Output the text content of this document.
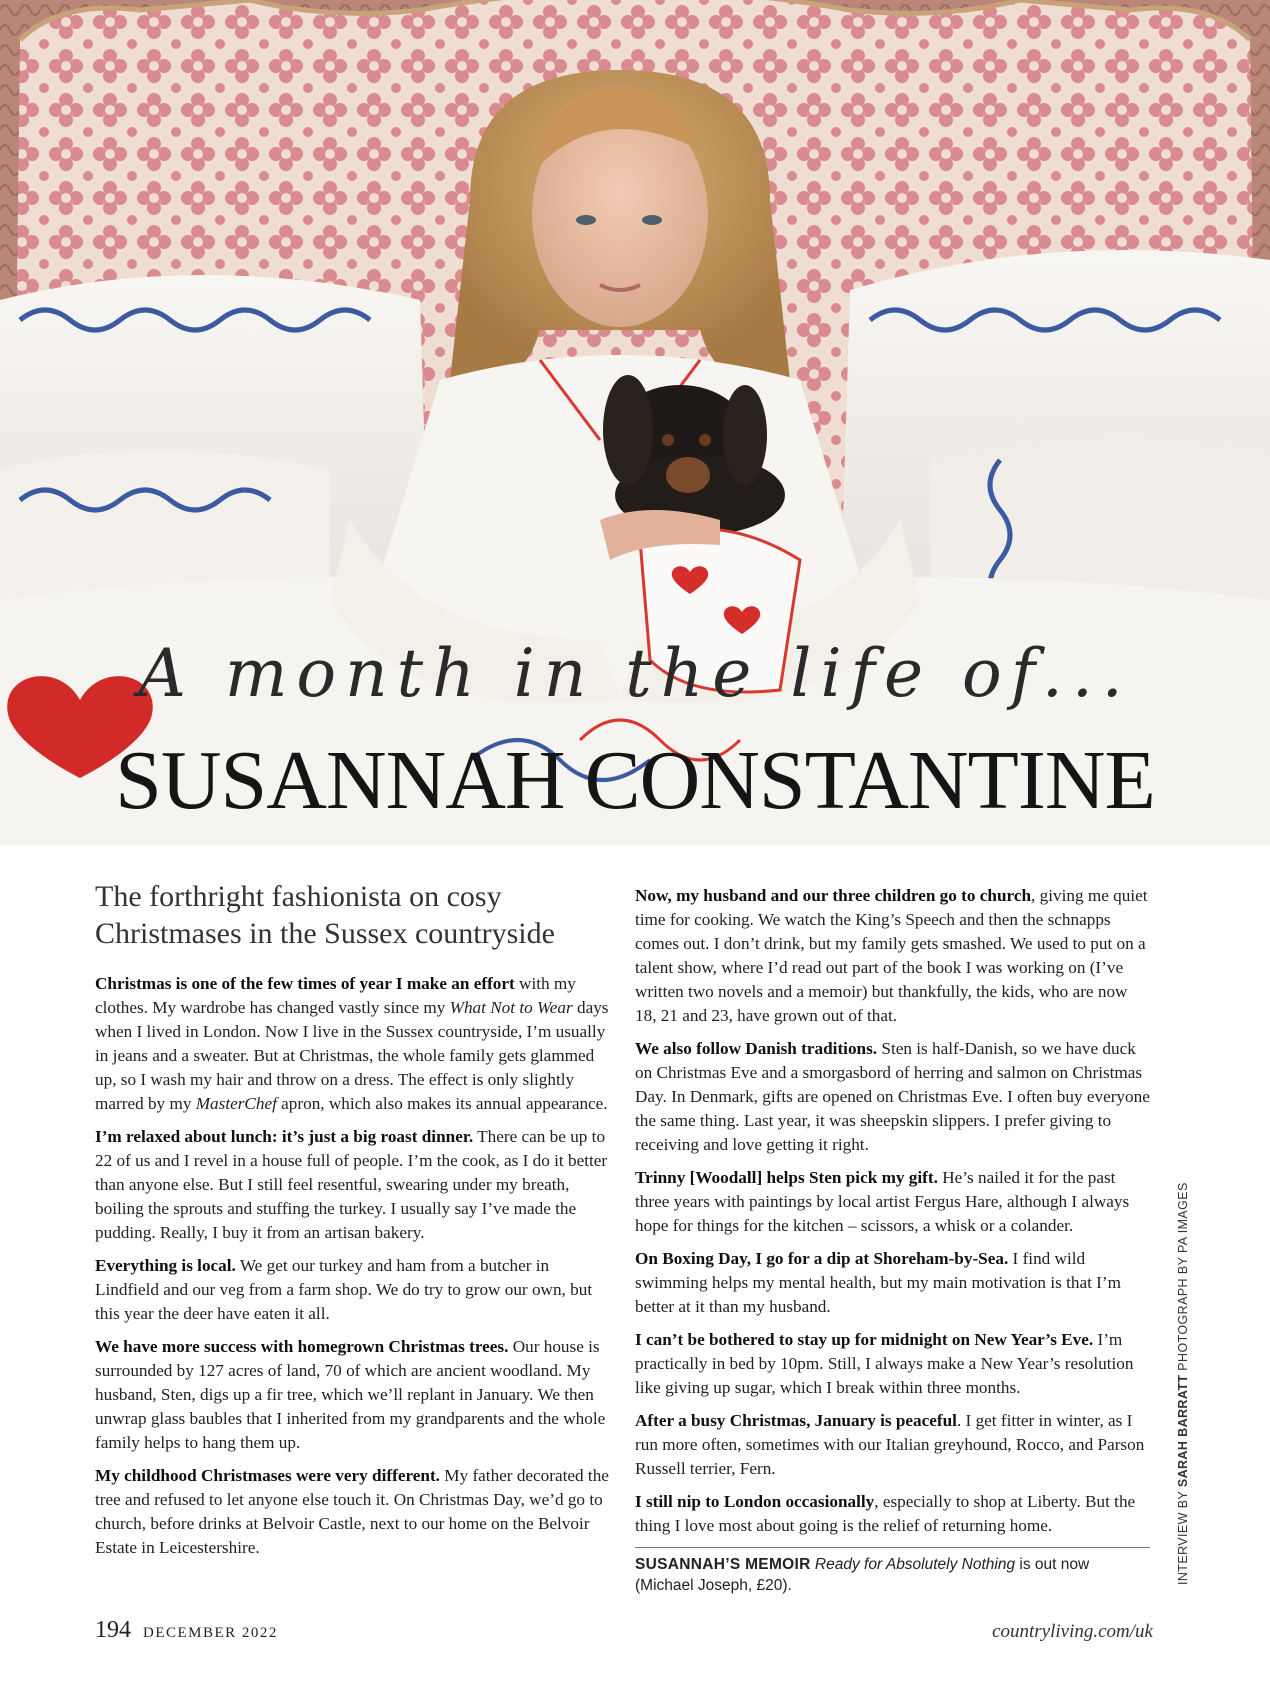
A month in the life of...
SUSANNAH CONSTANTINE
The forthright fashionista on cosy Christmases in the Sussex countryside

Christmas is one of the few times of year I make an effort with my clothes. My wardrobe has changed vastly since my What Not to Wear days when I lived in London. Now I live in the Sussex countryside, I’m usually in jeans and a sweater. But at Christmas, the whole family gets glammed up, so I wash my hair and throw on a dress. The effect is only slightly marred by my MasterChef apron, which also makes its annual appearance.

I’m relaxed about lunch: it’s just a big roast dinner. There can be up to 22 of us and I revel in a house full of people. I’m the cook, as I do it better than anyone else. But I still feel resentful, swearing under my breath, boiling the sprouts and stuffing the turkey. I usually say I’ve made the pudding. Really, I buy it from an artisan bakery.

Everything is local. We get our turkey and ham from a butcher in Lindfield and our veg from a farm shop. We do try to grow our own, but this year the deer have eaten it all.

We have more success with homegrown Christmas trees. Our house is surrounded by 127 acres of land, 70 of which are ancient woodland. My husband, Sten, digs up a fir tree, which we’ll replant in January. We then unwrap glass baubles that I inherited from my grandparents and the whole family helps to hang them up.

My childhood Christmases were very different. My father decorated the tree and refused to let anyone else touch it. On Christmas Day, we’d go to church, before drinks at Belvoir Castle, next to our home on the Belvoir Estate in Leicestershire.

Now, my husband and our three children go to church, giving me quiet time for cooking. We watch the King’s Speech and then the schnapps comes out. I don’t drink, but my family gets smashed. We used to put on a talent show, where I’d read out part of the book I was working on (I’ve written two novels and a memoir) but thankfully, the kids, who are now 18, 21 and 23, have grown out of that.

We also follow Danish traditions. Sten is half-Danish, so we have duck on Christmas Eve and a smorgasbord of herring and salmon on Christmas Day. In Denmark, gifts are opened on Christmas Eve. I often buy everyone the same thing. Last year, it was sheepskin slippers. I prefer giving to receiving and love getting it right.

Trinny [Woodall] helps Sten pick my gift. He’s nailed it for the past three years with paintings by local artist Fergus Hare, although I always hope for things for the kitchen – scissors, a whisk or a colander.

On Boxing Day, I go for a dip at Shoreham-by-Sea. I find wild swimming helps my mental health, but my main motivation is that I’m better at it than my husband.

I can’t be bothered to stay up for midnight on New Year’s Eve. I’m practically in bed by 10pm. Still, I always make a New Year’s resolution like giving up sugar, which I break within three months.

After a busy Christmas, January is peaceful. I get fitter in winter, as I run more often, sometimes with our Italian greyhound, Rocco, and Parson Russell terrier, Fern.

I still nip to London occasionally, especially to shop at Liberty. But the thing I love most about going is the relief of returning home.

SUSANNAH’S MEMOIR Ready for Absolutely Nothing is out now (Michael Joseph, £20).
INTERVIEW BY SARAH BARRATT PHOTOGRAPH BY PA IMAGES
194 DECEMBER 2022	countryliving.com/uk
